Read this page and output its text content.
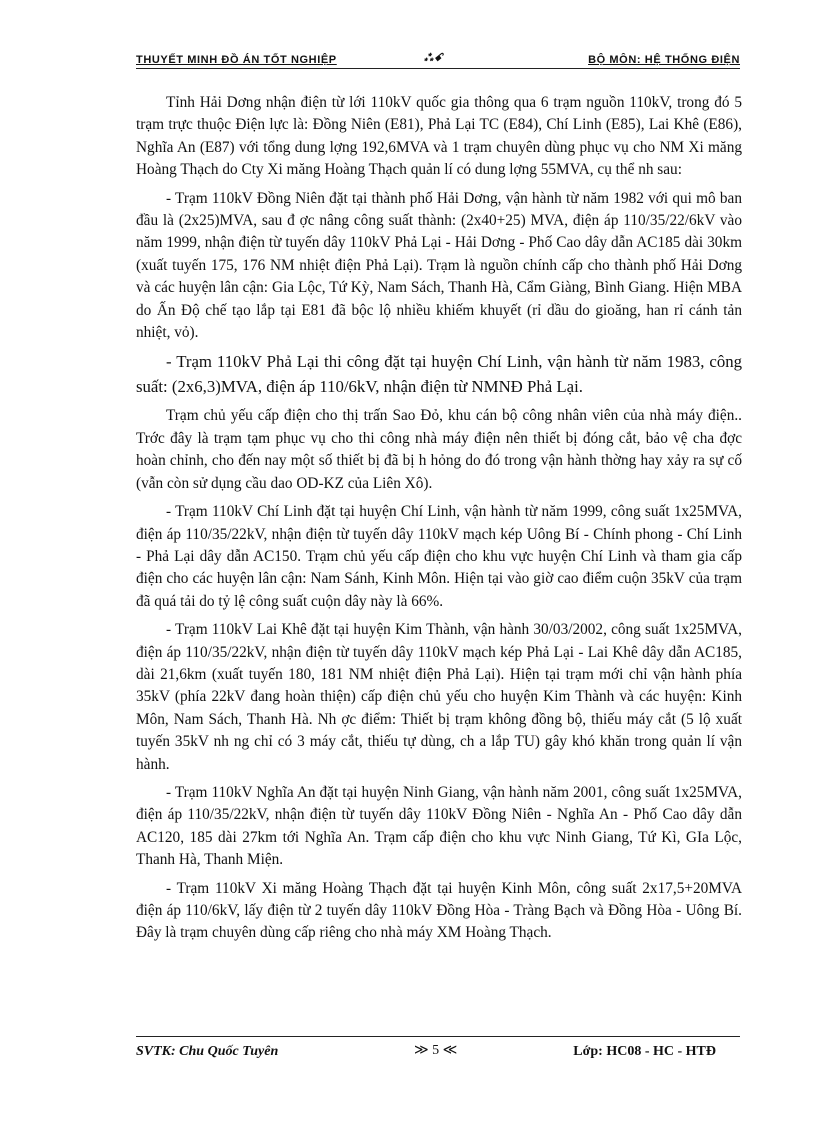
THUYẾT MINH ĐỒ ÁN TỐT NGHIỆP	⁂ꗃ	BỘ MÔN: HỆ THỐNG ĐIỆN

Tỉnh Hải Dơng nhận điện từ lới 110kV quốc gia thông qua 6 trạm nguồn 110kV, trong đó 5 trạm trực thuộc Điện lực là: Đồng Niên (E81), Phả Lại TC (E84), Chí Linh (E85), Lai Khê (E86), Nghĩa An (E87) với tổng dung lợng 192,6MVA và 1 trạm chuyên dùng phục vụ cho NM Xi măng Hoàng Thạch do Cty Xi măng Hoàng Thạch quản lí có dung lợng 55MVA, cụ thể nh sau:

- Trạm 110kV Đồng Niên đặt tại thành phố Hải Dơng, vận hành từ năm 1982 với qui mô ban đầu là (2x25)MVA, sau đ ợc nâng công suất thành: (2x40+25) MVA, điện áp 110/35/22/6kV vào năm 1999, nhận điện từ tuyến dây 110kV Phả Lại - Hải Dơng - Phố Cao dây dẫn AC185 dài 30km (xuất tuyến 175, 176 NM nhiệt điện Phả Lại). Trạm là nguồn chính cấp cho thành phố Hải Dơng và các huyện lân cận: Gia Lộc, Tứ Kỳ, Nam Sách, Thanh Hà, Cẩm Giàng, Bình Giang. Hiện MBA do Ấn Độ chế tạo lắp tại E81 đã bộc lộ nhiều khiếm khuyết (rỉ dầu do gioăng, han rỉ cánh tản nhiệt, vỏ).

- Trạm 110kV Phả Lại thi công đặt tại huyện Chí Linh, vận hành từ năm 1983, công suất: (2x6,3)MVA, điện áp 110/6kV, nhận điện từ NMNĐ Phả Lại.

Trạm chủ yếu cấp điện cho thị trấn Sao Đỏ, khu cán bộ công nhân viên của nhà máy điện.. Trớc đây là trạm tạm phục vụ cho thi công nhà máy điện nên thiết bị đóng cắt, bảo vệ cha đợc hoàn chỉnh, cho đến nay một số thiết bị đã bị h hỏng do đó trong vận hành thờng hay xảy ra sự cố (vẫn còn sử dụng cầu dao OD-KZ của Liên Xô).

- Trạm 110kV Chí Linh đặt tại huyện Chí Linh, vận hành từ năm 1999, công suất 1x25MVA, điện áp 110/35/22kV, nhận điện từ tuyến dây 110kV mạch kép Uông Bí - Chính phong - Chí Linh - Phả Lại dây dẫn AC150. Trạm chủ yếu cấp điện cho khu vực huyện Chí Linh và tham gia cấp điện cho các huyện lân cận: Nam Sánh, Kinh Môn. Hiện tại vào giờ cao điểm cuộn 35kV của trạm đã quá tải do tỷ lệ công suất cuộn dây này là 66%.

- Trạm 110kV Lai Khê đặt tại huyện Kim Thành, vận hành 30/03/2002, công suất 1x25MVA, điện áp 110/35/22kV, nhận điện từ tuyến dây 110kV mạch kép Phả Lại - Lai Khê dây dẫn AC185, dài 21,6km (xuất tuyến 180, 181 NM nhiệt điện Phả Lại). Hiện tại trạm mới chỉ vận hành phía 35kV (phía 22kV đang hoàn thiện) cấp điện chủ yếu cho huyện Kim Thành và các huyện: Kinh Môn, Nam Sách, Thanh Hà. Nh ợc điểm: Thiết bị trạm không đồng bộ, thiếu máy cắt (5 lộ xuất tuyến 35kV nh ng chỉ có 3 máy cắt, thiếu tự dùng, ch a lắp TU) gây khó khăn trong quản lí vận hành.

- Trạm 110kV Nghĩa An đặt tại huyện Ninh Giang, vận hành năm 2001, công suất 1x25MVA, điện áp 110/35/22kV, nhận điện từ tuyến dây 110kV Đồng Niên - Nghĩa An - Phố Cao dây dẫn AC120, 185 dài 27km tới Nghĩa An. Trạm cấp điện cho khu vực Ninh Giang, Tứ Kì, GIa Lộc, Thanh Hà, Thanh Miện.

- Trạm 110kV Xi măng Hoàng Thạch đặt tại huyện Kinh Môn, công suất 2x17,5+20MVA điện áp 110/6kV, lấy điện từ 2 tuyến dây 110kV Đồng Hòa - Tràng Bạch và Đồng Hòa - Uông Bí. Đây là trạm chuyên dùng cấp riêng cho nhà máy XM Hoàng Thạch.

SVTK: Chu Quốc Tuyên	≫ 5 ≪	Lớp: HC08 - HC - HTĐ
